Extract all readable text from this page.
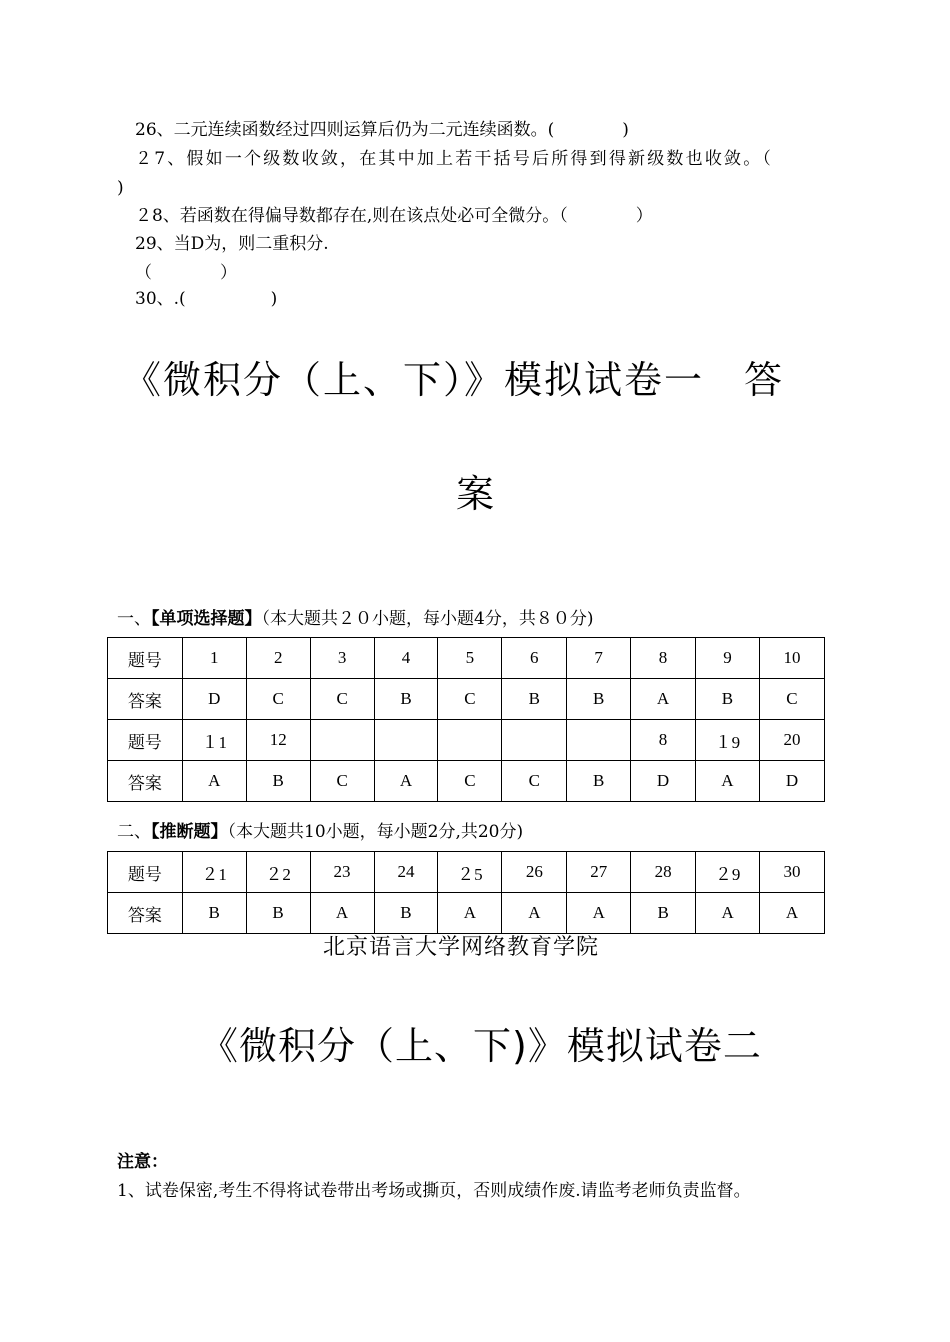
26、二元连续函数经过四则运算后仍为二元连续函数。(　　　　)
２7、假如一个级数收敛，在其中加上若干括号后所得到得新级数也收敛。（
)
２8、若函数在得偏导数都存在,则在该点处必可全微分。（　　　　）
29、当D为，则二重积分.
（　　　　）
30、.(　　　　　)
《微积分（上、下）》模拟试卷一　答
案
一、【单项选择题】（本大题共２０小题，每小题4分，共８０分)
题号	1	2	3	4	5	6	7	8	9	10
答案	D	C	C	B	C	B	B	A	B	C
题号	１1	12						8	１9	20
答案	A	B	C	A	C	C	B	D	A	D
二、【推断题】（本大题共10小题，每小题2分,共20分)
题号	２1	２2	23	24	２5	26	27	28	２9	30
答案	B	B	A	B	A	A	A	B	A	A
北京语言大学网络教育学院
《微积分（上、下)》模拟试卷二
注意：
1、试卷保密,考生不得将试卷带出考场或撕页，否则成绩作废.请监考老师负责监督。
